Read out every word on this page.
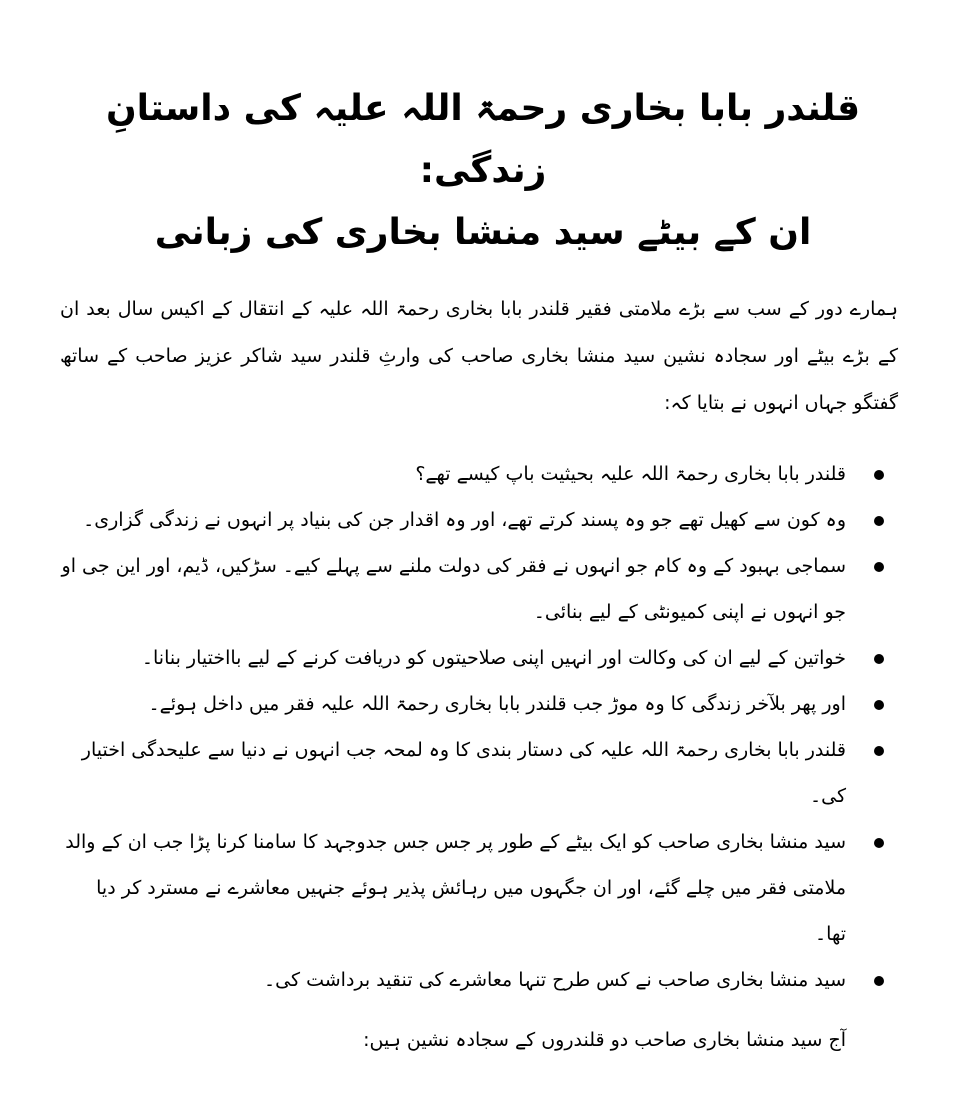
قلندر بابا بخاری رحمۃ اللہ علیہ کی داستانِ زندگی:
ان کے بیٹے سید منشا بخاری کی زبانی

ہمارے دور کے سب سے بڑے ملامتی فقیر قلندر بابا بخاری رحمۃ اللہ علیہ کے انتقال کے اکیس سال بعد ان کے بڑے بیٹے اور سجادہ نشین سید منشا بخاری صاحب کی وارثِ قلندر سید شاکر عزیز صاحب کے ساتھ گفتگو جہاں انہوں نے بتایا کہ:

قلندر بابا بخاری رحمۃ اللہ علیہ بحیثیت باپ کیسے تھے؟
وہ کون سے کھیل تھے جو وہ پسند کرتے تھے، اور وہ اقدار جن کی بنیاد پر انہوں نے زندگی گزاری۔
سماجی بہبود کے وہ کام جو انہوں نے فقر کی دولت ملنے سے پہلے کیے۔ سڑکیں، ڈیم، اور این جی او جو انہوں نے اپنی کمیونٹی کے لیے بنائی۔
خواتین کے لیے ان کی وکالت اور انہیں اپنی صلاحیتوں کو دریافت کرنے کے لیے بااختیار بنانا۔
اور پھر بلآخر زندگی کا وہ موڑ جب قلندر بابا بخاری رحمۃ اللہ علیہ فقر میں داخل ہوئے۔
قلندر بابا بخاری رحمۃ اللہ علیہ کی دستار بندی کا وہ لمحہ جب انہوں نے دنیا سے علیحدگی اختیار کی۔
سید منشا بخاری صاحب کو ایک بیٹے کے طور پر جس جس جدوجہد کا سامنا کرنا پڑا جب ان کے والد ملامتی فقر میں چلے گئے، اور ان جگہوں میں رہائش پذیر ہوئے جنہیں معاشرے نے مسترد کر دیا تھا۔
سید منشا بخاری صاحب نے کس طرح تنہا معاشرے کی تنقید برداشت کی۔

آج سید منشا بخاری صاحب دو قلندروں کے سجادہ نشین ہیں:
